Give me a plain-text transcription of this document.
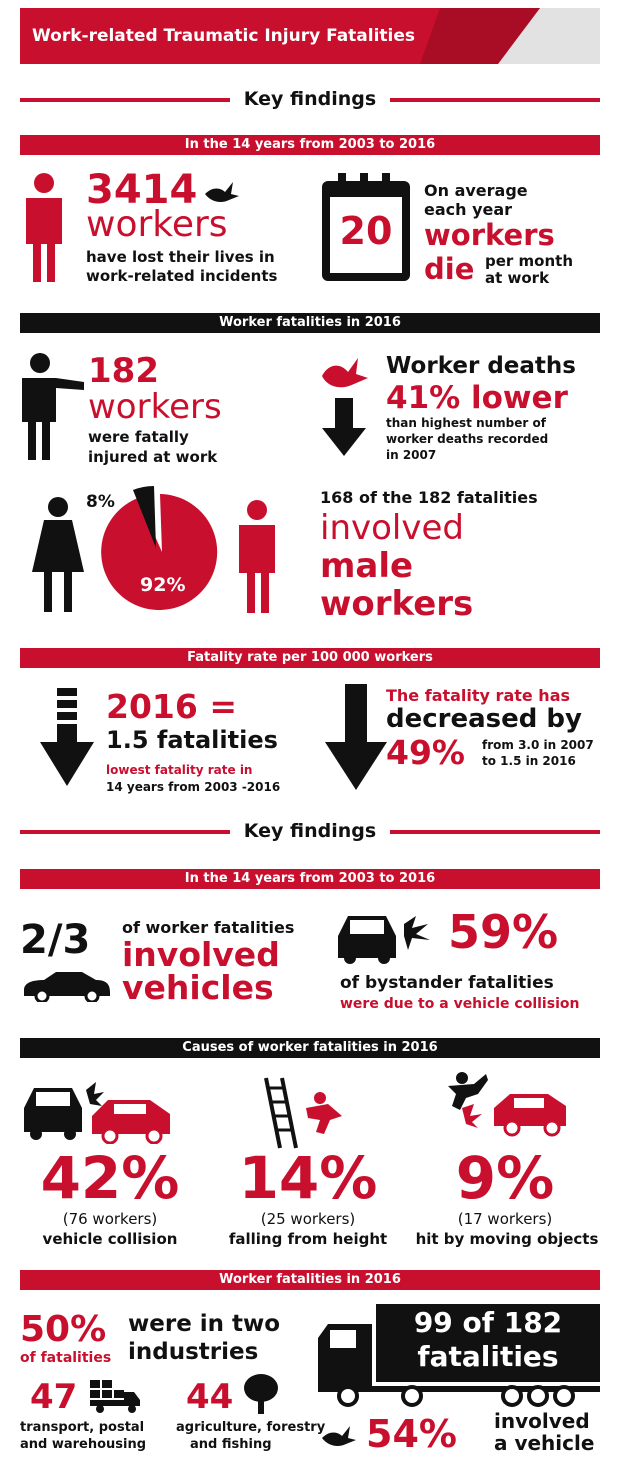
Work-related Traumatic Injury Fatalities
Key findings
In the 14 years from 2003 to 2016
3414
workers
have lost their lives in
work-related incidents
20
On average
each year
workers
die per month
at work
Worker fatalities in 2016
182
workers
were fatally
injured at work
Worker deaths
41% lower
than highest number of
worker deaths recorded
in 2007
8%
92%
168 of the 182 fatalities
involved
male
workers
Fatality rate per 100 000 workers
2016 =
1.5 fatalities
lowest fatality rate in
14 years from 2003 -2016
The fatality rate has
decreased by
49% from 3.0 in 2007
to 1.5 in 2016
Key findings
In the 14 years from 2003 to 2016
2/3 of worker fatalities
involved
vehicles
59%
of bystander fatalities
were due to a vehicle collision
Causes of worker fatalities in 2016
42%
(76 workers)
vehicle collision
14%
(25 workers)
falling from height
9%
(17 workers)
hit by moving objects
Worker fatalities in 2016
50%
of fatalities
were in two
industries
47
transport, postal
and warehousing
44
agriculture, forestry
and fishing
99 of 182
fatalities
54% involved
a vehicle
